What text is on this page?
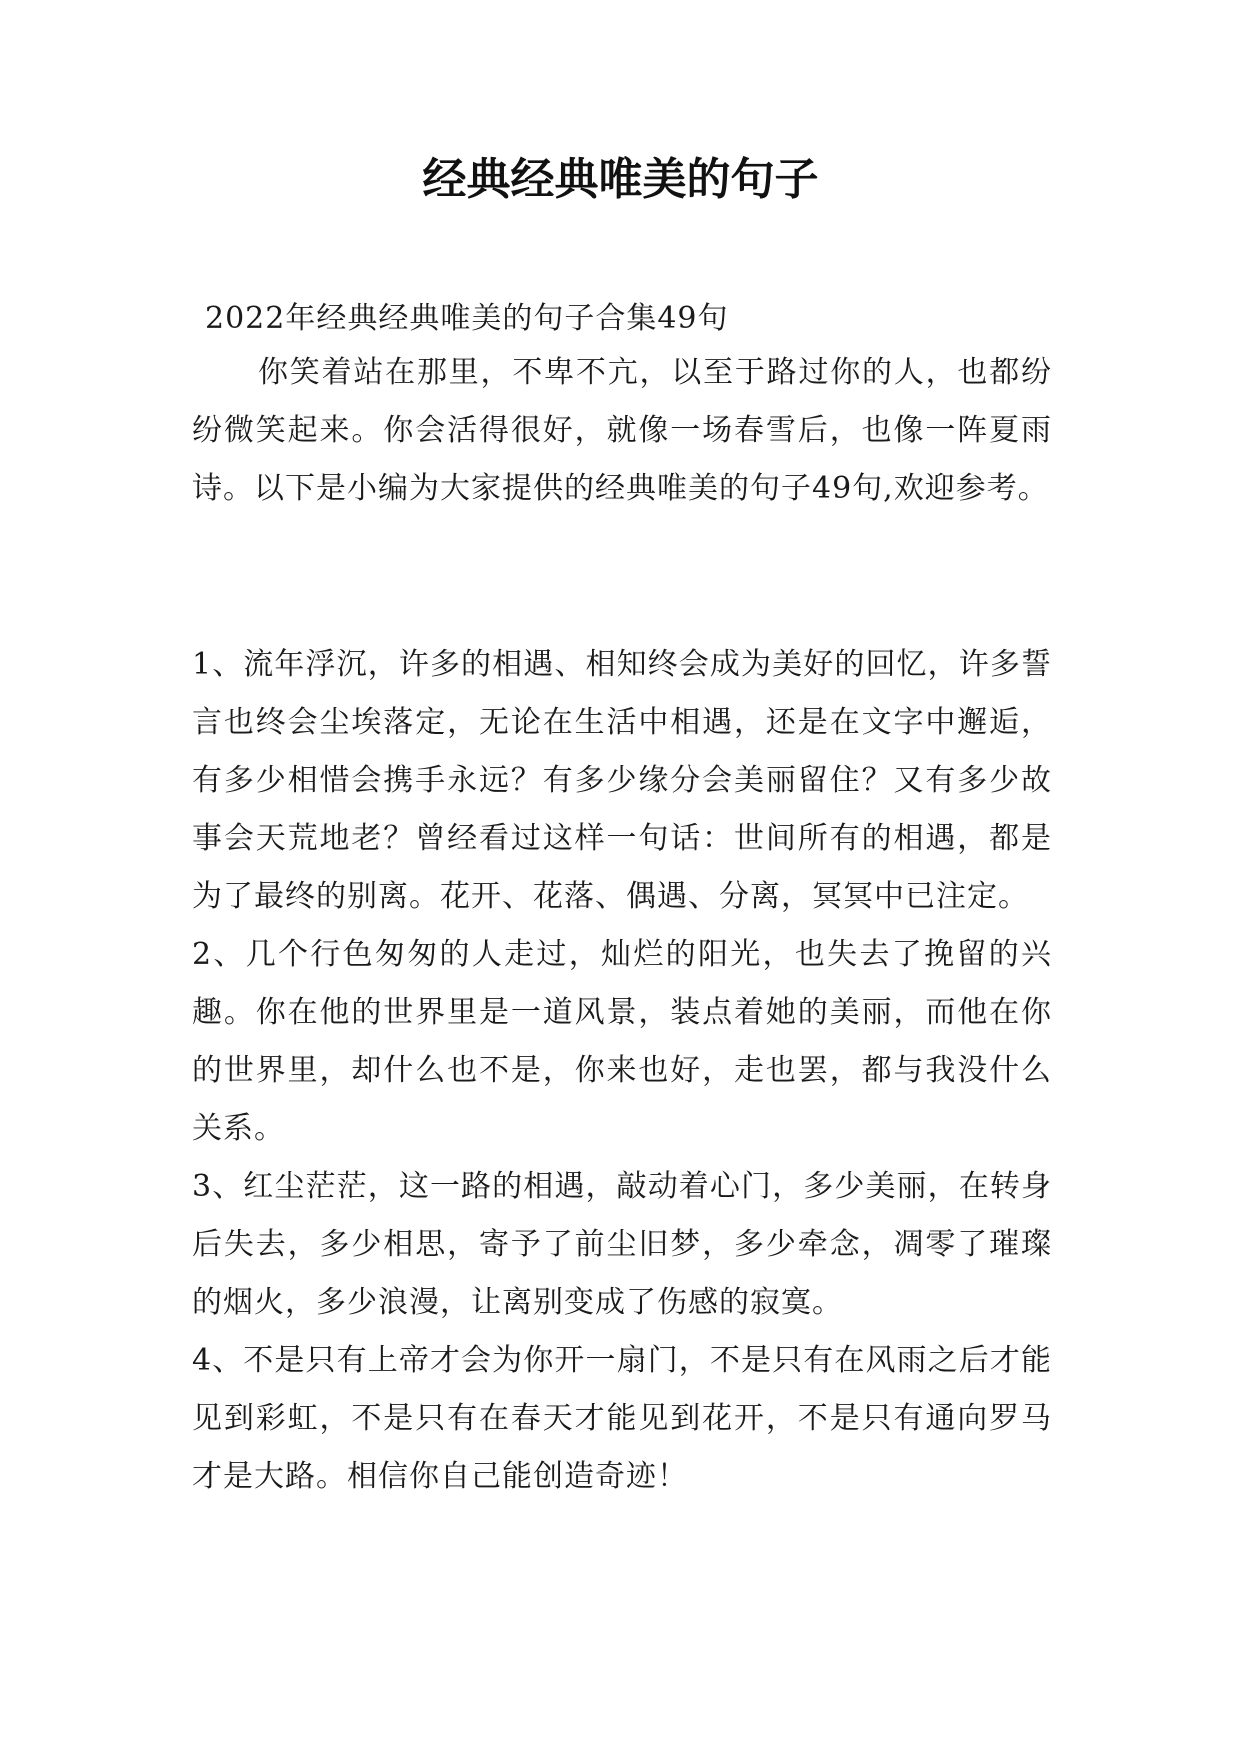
经典经典唯美的句子

2022年经典经典唯美的句子合集49句

你笑着站在那里，不卑不亢，以至于路过你的人，也都纷纷微笑起来。你会活得很好，就像一场春雪后，也像一阵夏雨诗。以下是小编为大家提供的经典唯美的句子49句,欢迎参考。

1、流年浮沉，许多的相遇、相知终会成为美好的回忆，许多誓言也终会尘埃落定，无论在生活中相遇，还是在文字中邂逅，有多少相惜会携手永远？有多少缘分会美丽留住？又有多少故事会天荒地老？曾经看过这样一句话：世间所有的相遇，都是为了最终的别离。花开、花落、偶遇、分离，冥冥中已注定。

2、几个行色匆匆的人走过，灿烂的阳光，也失去了挽留的兴趣。你在他的世界里是一道风景，装点着她的美丽，而他在你的世界里，却什么也不是，你来也好，走也罢，都与我没什么关系。

3、红尘茫茫，这一路的相遇，敲动着心门，多少美丽，在转身后失去，多少相思，寄予了前尘旧梦，多少牵念，凋零了璀璨的烟火，多少浪漫，让离别变成了伤感的寂寞。

4、不是只有上帝才会为你开一扇门，不是只有在风雨之后才能见到彩虹，不是只有在春天才能见到花开，不是只有通向罗马才是大路。相信你自己能创造奇迹！
